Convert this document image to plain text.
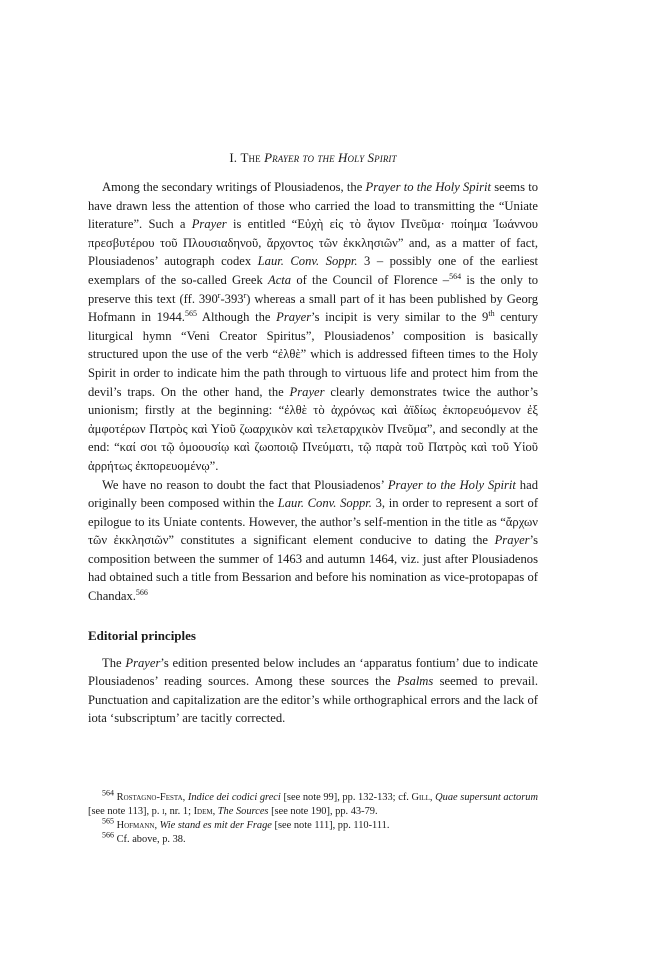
I. The Prayer to the Holy Spirit

Among the secondary writings of Plousiadenos, the Prayer to the Holy Spirit seems to have drawn less the attention of those who carried the load to transmitting the “Uniate literature”. Such a Prayer is entitled “Εὐχὴ εἰς τὸ ἅγιον Πνεῦμα· ποίημα Ἰωάννου πρεσβυτέρου τοῦ Πλουσιαδηνοῦ, ἄρχοντος τῶν ἐκκλησιῶν” and, as a matter of fact, Plousiadenos’ autograph codex Laur. Conv. Soppr. 3 – possibly one of the earliest exemplars of the so-called Greek Acta of the Council of Florence –$^{564}$ is the only to preserve this text (ff. 390$^r$-393$^r$) whereas a small part of it has been published by Georg Hofmann in 1944.$^{565}$ Although the Prayer’s incipit is very similar to the 9th century liturgical hymn “Veni Creator Spiritus”, Plousiadenos’ composition is basically structured upon the use of the verb “ἐλθὲ” which is addressed fifteen times to the Holy Spirit in order to indicate him the path through to virtuous life and protect him from the devil’s traps. On the other hand, the Prayer clearly demonstrates twice the author’s unionism; firstly at the beginning: “ἐλθὲ τὸ ἀχρόνως καὶ ἀϊδίως ἐκπορευόμενον ἐξ ἀμφοτέρων Πατρὸς καὶ Υἱοῦ ζωαρχικὸν καὶ τελεταρχικὸν Πνεῦμα”, and secondly at the end: “καί σοι τῷ ὁμοουσίῳ καὶ ζωοποιῷ Πνεύματι, τῷ παρὰ τοῦ Πατρὸς καὶ τοῦ Υἱοῦ ἀρρήτως ἐκπορευομένῳ”.

We have no reason to doubt the fact that Plousiadenos’ Prayer to the Holy Spirit had originally been composed within the Laur. Conv. Soppr. 3, in order to represent a sort of epilogue to its Uniate contents. However, the author’s self-mention in the title as “ἄρχων τῶν ἐκκλησιῶν” constitutes a significant element conducive to dating the Prayer’s composition between the summer of 1463 and autumn 1464, viz. just after Plousiadenos had obtained such a title from Bessarion and before his nomination as vice-protopapas of Chandax.$^{566}$

Editorial principles

The Prayer’s edition presented below includes an ‘apparatus fontium’ due to indicate Plousiadenos’ reading sources. Among these sources the Psalms seemed to prevail. Punctuation and capitalization are the editor’s while orthographical errors and the lack of iota ‘subscriptum’ are tacitly corrected.

$^{564}$ Rostagno-Festa, Indice dei codici greci [see note 99], pp. 132-133; cf. Gill, Quae supersunt actorum [see note 113], p. i, nr. 1; Idem, The Sources [see note 190], pp. 43-79.

$^{565}$ Hofmann, Wie stand es mit der Frage [see note 111], pp. 110-111.

$^{566}$ Cf. above, p. 38.
